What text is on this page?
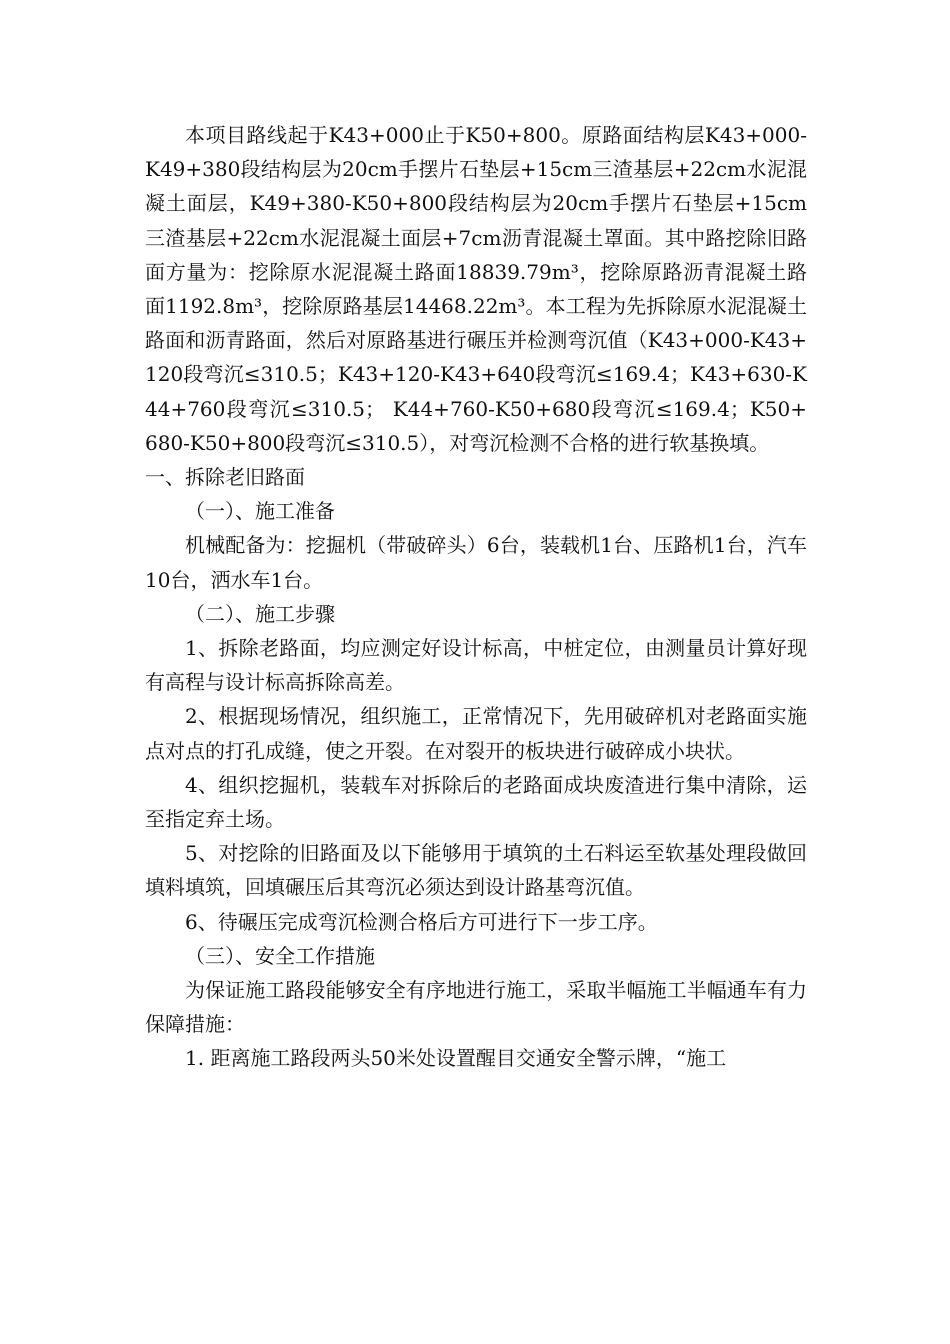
本项目路线起于K43+000止于K50+800。原路面结构层K43+000-K49+380段结构层为20cm手摆片石垫层+15cm三渣基层+22cm水泥混凝土面层，K49+380-K50+800段结构层为20cm手摆片石垫层+15cm三渣基层+22cm水泥混凝土面层+7cm沥青混凝土罩面。其中路挖除旧路面方量为：挖除原水泥混凝土路面18839.79m³，挖除原路沥青混凝土路面1192.8m³，挖除原路基层14468.22m³。本工程为先拆除原水泥混凝土路面和沥青路面，然后对原路基进行碾压并检测弯沉值（K43+000-K43+120段弯沉≤310.5；K43+120-K43+640段弯沉≤169.4；K43+630-K44+760段弯沉≤310.5； K44+760-K50+680段弯沉≤169.4；K50+680-K50+800段弯沉≤310.5），对弯沉检测不合格的进行软基换填。

一、拆除老旧路面

（一）、施工准备

机械配备为：挖掘机（带破碎头）6台，装载机1台、压路机1台，汽车10台，洒水车1台。

（二）、施工步骤

1、拆除老路面，均应测定好设计标高，中桩定位，由测量员计算好现有高程与设计标高拆除高差。

2、根据现场情况，组织施工，正常情况下，先用破碎机对老路面实施点对点的打孔成缝，使之开裂。在对裂开的板块进行破碎成小块状。

4、组织挖掘机，装载车对拆除后的老路面成块废渣进行集中清除，运至指定弃土场。

5、对挖除的旧路面及以下能够用于填筑的土石料运至软基处理段做回填料填筑，回填碾压后其弯沉必须达到设计路基弯沉值。

6、待碾压完成弯沉检测合格后方可进行下一步工序。

（三）、安全工作措施

为保证施工路段能够安全有序地进行施工，采取半幅施工半幅通车有力保障措施：

1. 距离施工路段两头50米处设置醒目交通安全警示牌，“施工
